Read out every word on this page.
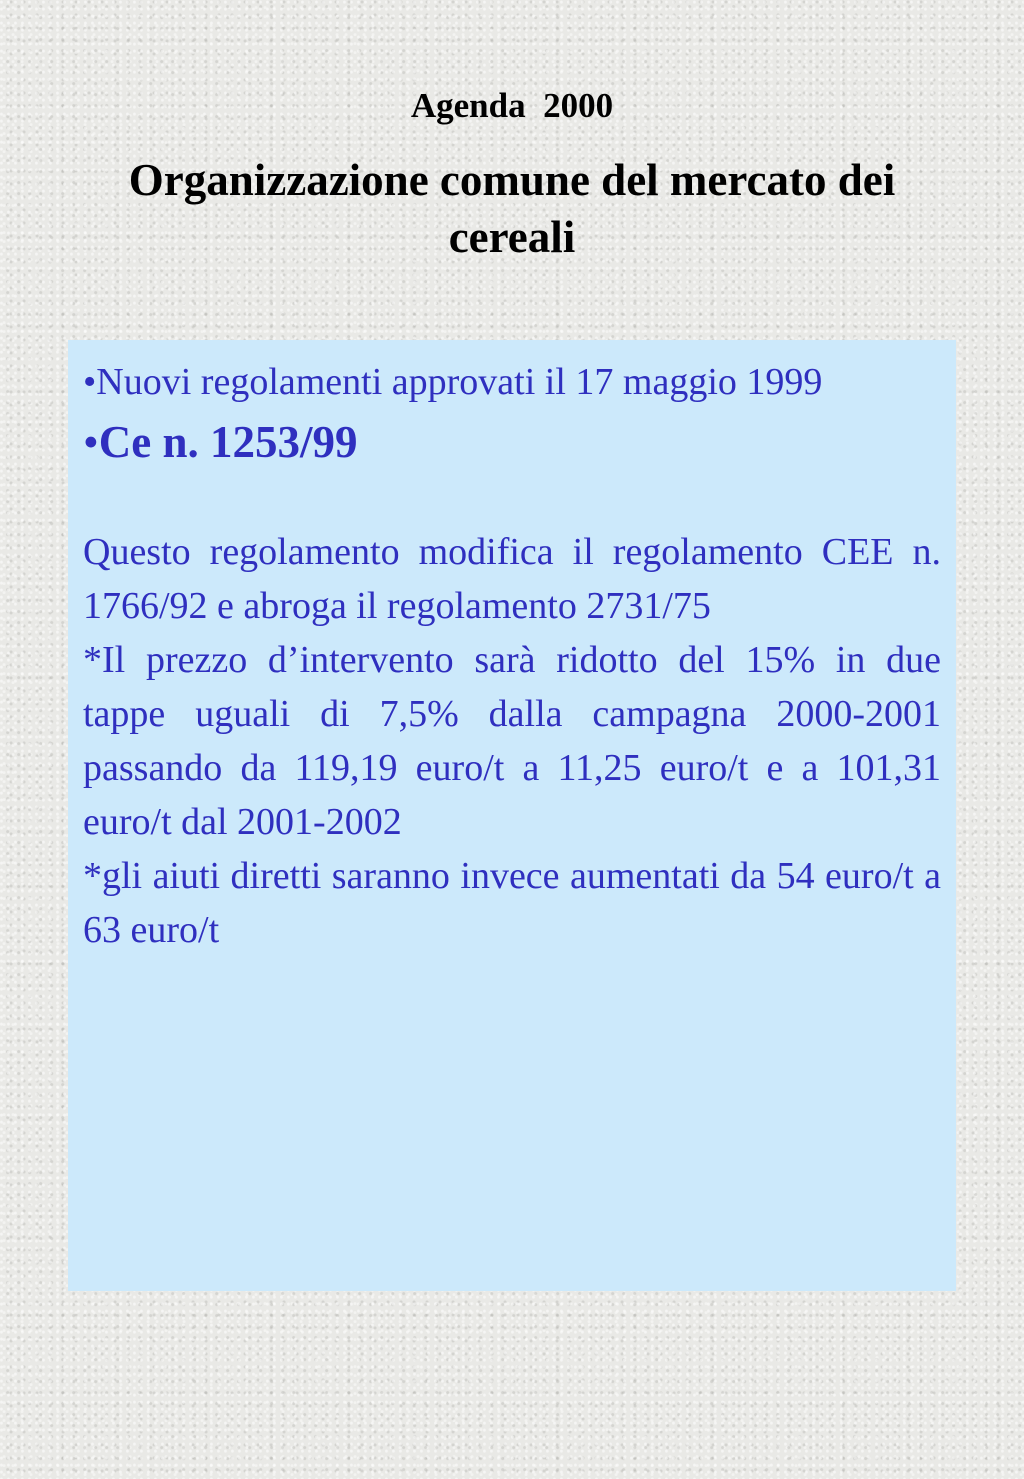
Agenda  2000
Organizzazione comune del mercato dei cereali

•Nuovi regolamenti approvati il 17 maggio 1999

•Ce n. 1253/99

Questo regolamento modifica il regolamento CEE n. 1766/92 e abroga il regolamento 2731/75

*Il prezzo d’intervento sarà ridotto del 15% in due tappe uguali di 7,5% dalla campagna 2000-2001 passando da 119,19 euro/t a 11,25 euro/t e a 101,31 euro/t dal 2001-2002

*gli aiuti diretti saranno invece aumentati da 54 euro/t a 63 euro/t
